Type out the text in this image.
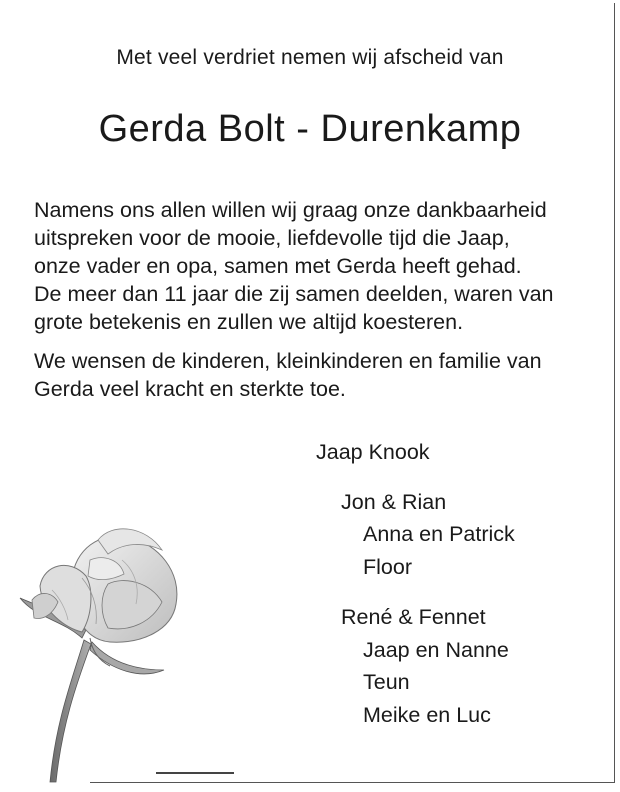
Met veel verdriet nemen wij afscheid van
Gerda Bolt - Durenkamp

Namens ons allen willen wij graag onze dankbaarheid
uitspreken voor de mooie, liefdevolle tijd die Jaap,
onze vader en opa, samen met Gerda heeft gehad.
De meer dan 11 jaar die zij samen deelden, waren van
grote betekenis en zullen we altijd koesteren.

We wensen de kinderen, kleinkinderen en familie van
Gerda veel kracht en sterkte toe.

Jaap Knook
Jon & Rian
Anna en Patrick
Floor
René & Fennet
Jaap en Nanne
Teun
Meike en Luc
